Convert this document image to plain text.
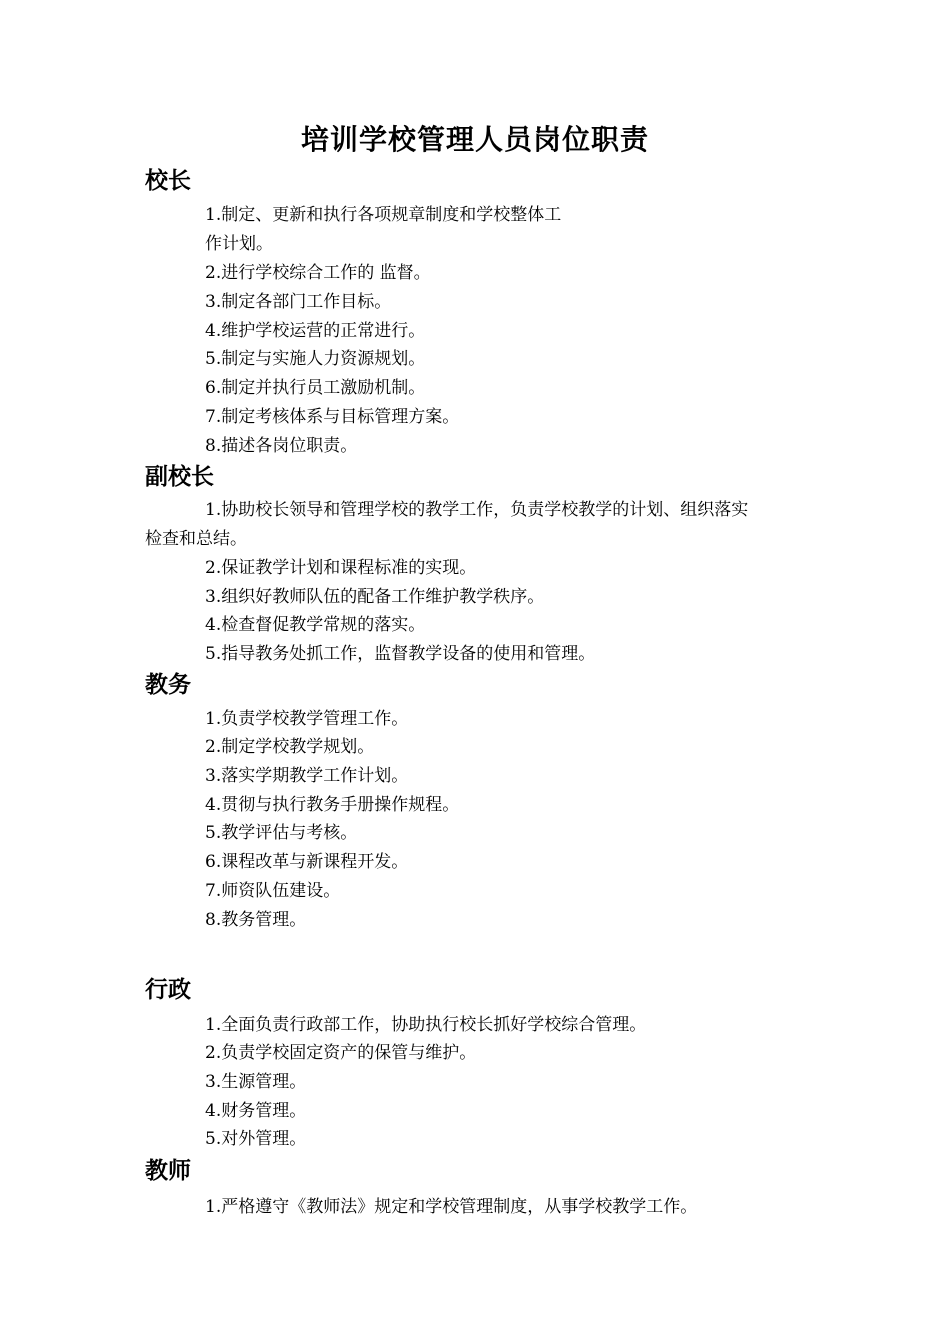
培训学校管理人员岗位职责
校长
1.制定、更新和执行各项规章制度和学校整体工
作计划。
2.进行学校综合工作的 监督。
3.制定各部门工作目标。
4.维护学校运营的正常进行。
5.制定与实施人力资源规划。
6.制定并执行员工激励机制。
7.制定考核体系与目标管理方案。
8.描述各岗位职责。
副校长
1.协助校长领导和管理学校的教学工作，负责学校教学的计划、组织落实
检查和总结。
2.保证教学计划和课程标准的实现。
3.组织好教师队伍的配备工作维护教学秩序。
4.检查督促教学常规的落实。
5.指导教务处抓工作，监督教学设备的使用和管理。
教务
1.负责学校教学管理工作。
2.制定学校教学规划。
3.落实学期教学工作计划。
4.贯彻与执行教务手册操作规程。
5.教学评估与考核。
6.课程改革与新课程开发。
7.师资队伍建设。
8.教务管理。
行政
1.全面负责行政部工作，协助执行校长抓好学校综合管理。
2.负责学校固定资产的保管与维护。
3.生源管理。
4.财务管理。
5.对外管理。
教师
1.严格遵守《教师法》规定和学校管理制度，从事学校教学工作。
